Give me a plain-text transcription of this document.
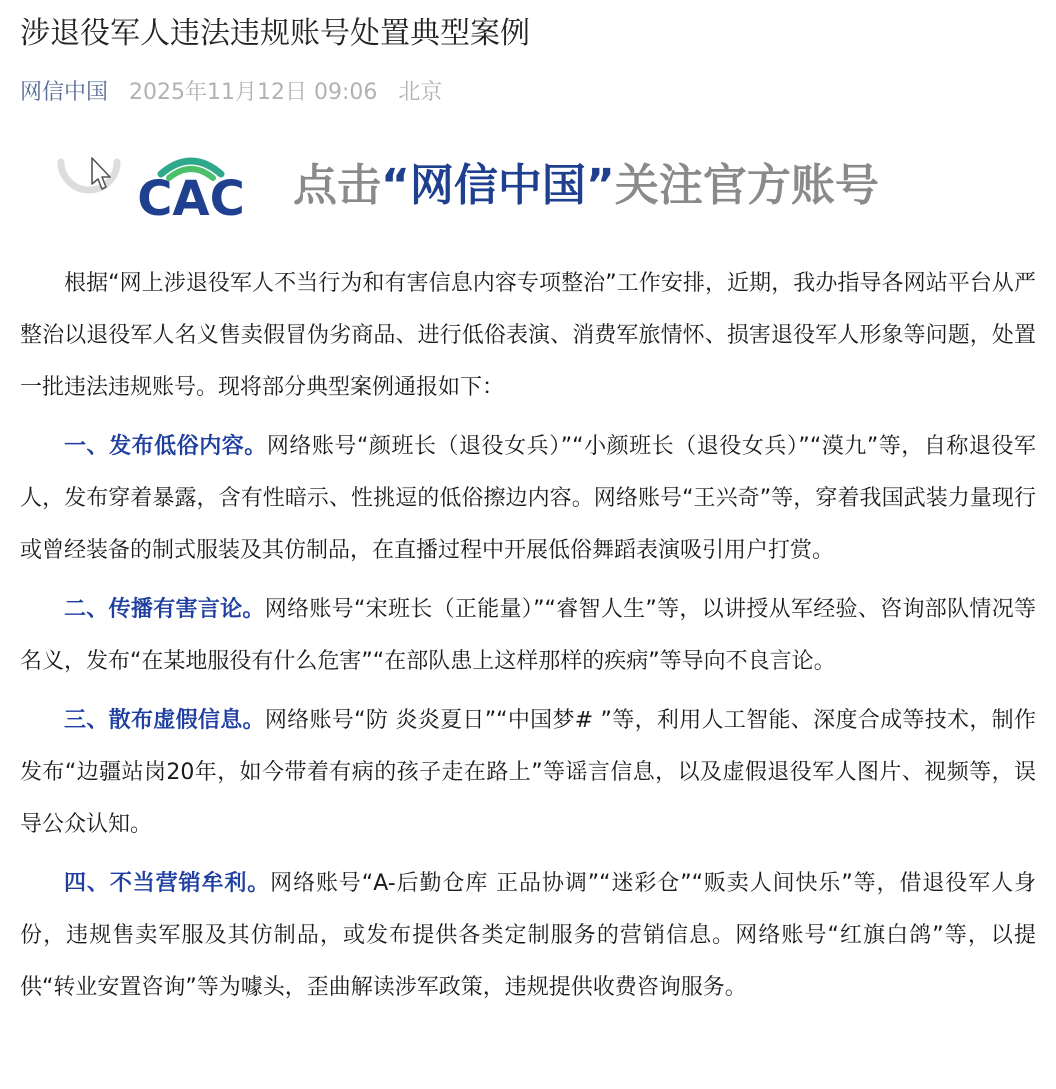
涉退役军人违法违规账号处置典型案例
网信中国 2025年11月12日 09:06 北京
CAC 点击“网信中国”关注官方账号

根据“网上涉退役军人不当行为和有害信息内容专项整治”工作安排，近期，我办指导各网站平台从严整治以退役军人名义售卖假冒伪劣商品、进行低俗表演、消费军旅情怀、损害退役军人形象等问题，处置一批违法违规账号。现将部分典型案例通报如下：

一、发布低俗内容。网络账号“颜班长（退役女兵）”“小颜班长（退役女兵）”“漠九”等，自称退役军人，发布穿着暴露，含有性暗示、性挑逗的低俗擦边内容。网络账号“王兴奇”等，穿着我国武装力量现行或曾经装备的制式服装及其仿制品，在直播过程中开展低俗舞蹈表演吸引用户打赏。

二、传播有害言论。网络账号“宋班长（正能量）”“睿智人生”等，以讲授从军经验、咨询部队情况等名义，发布“在某地服役有什么危害”“在部队患上这样那样的疾病”等导向不良言论。

三、散布虚假信息。网络账号“防 炎炎夏日”“中国梦# ”等，利用人工智能、深度合成等技术，制作发布“边疆站岗20年，如今带着有病的孩子走在路上”等谣言信息，以及虚假退役军人图片、视频等，误导公众认知。

四、不当营销牟利。网络账号“A-后勤仓库 正品协调”“迷彩仓”“贩卖人间快乐”等，借退役军人身份，违规售卖军服及其仿制品，或发布提供各类定制服务的营销信息。网络账号“红旗白鸽”等，以提供“转业安置咨询”等为噱头，歪曲解读涉军政策，违规提供收费咨询服务。
